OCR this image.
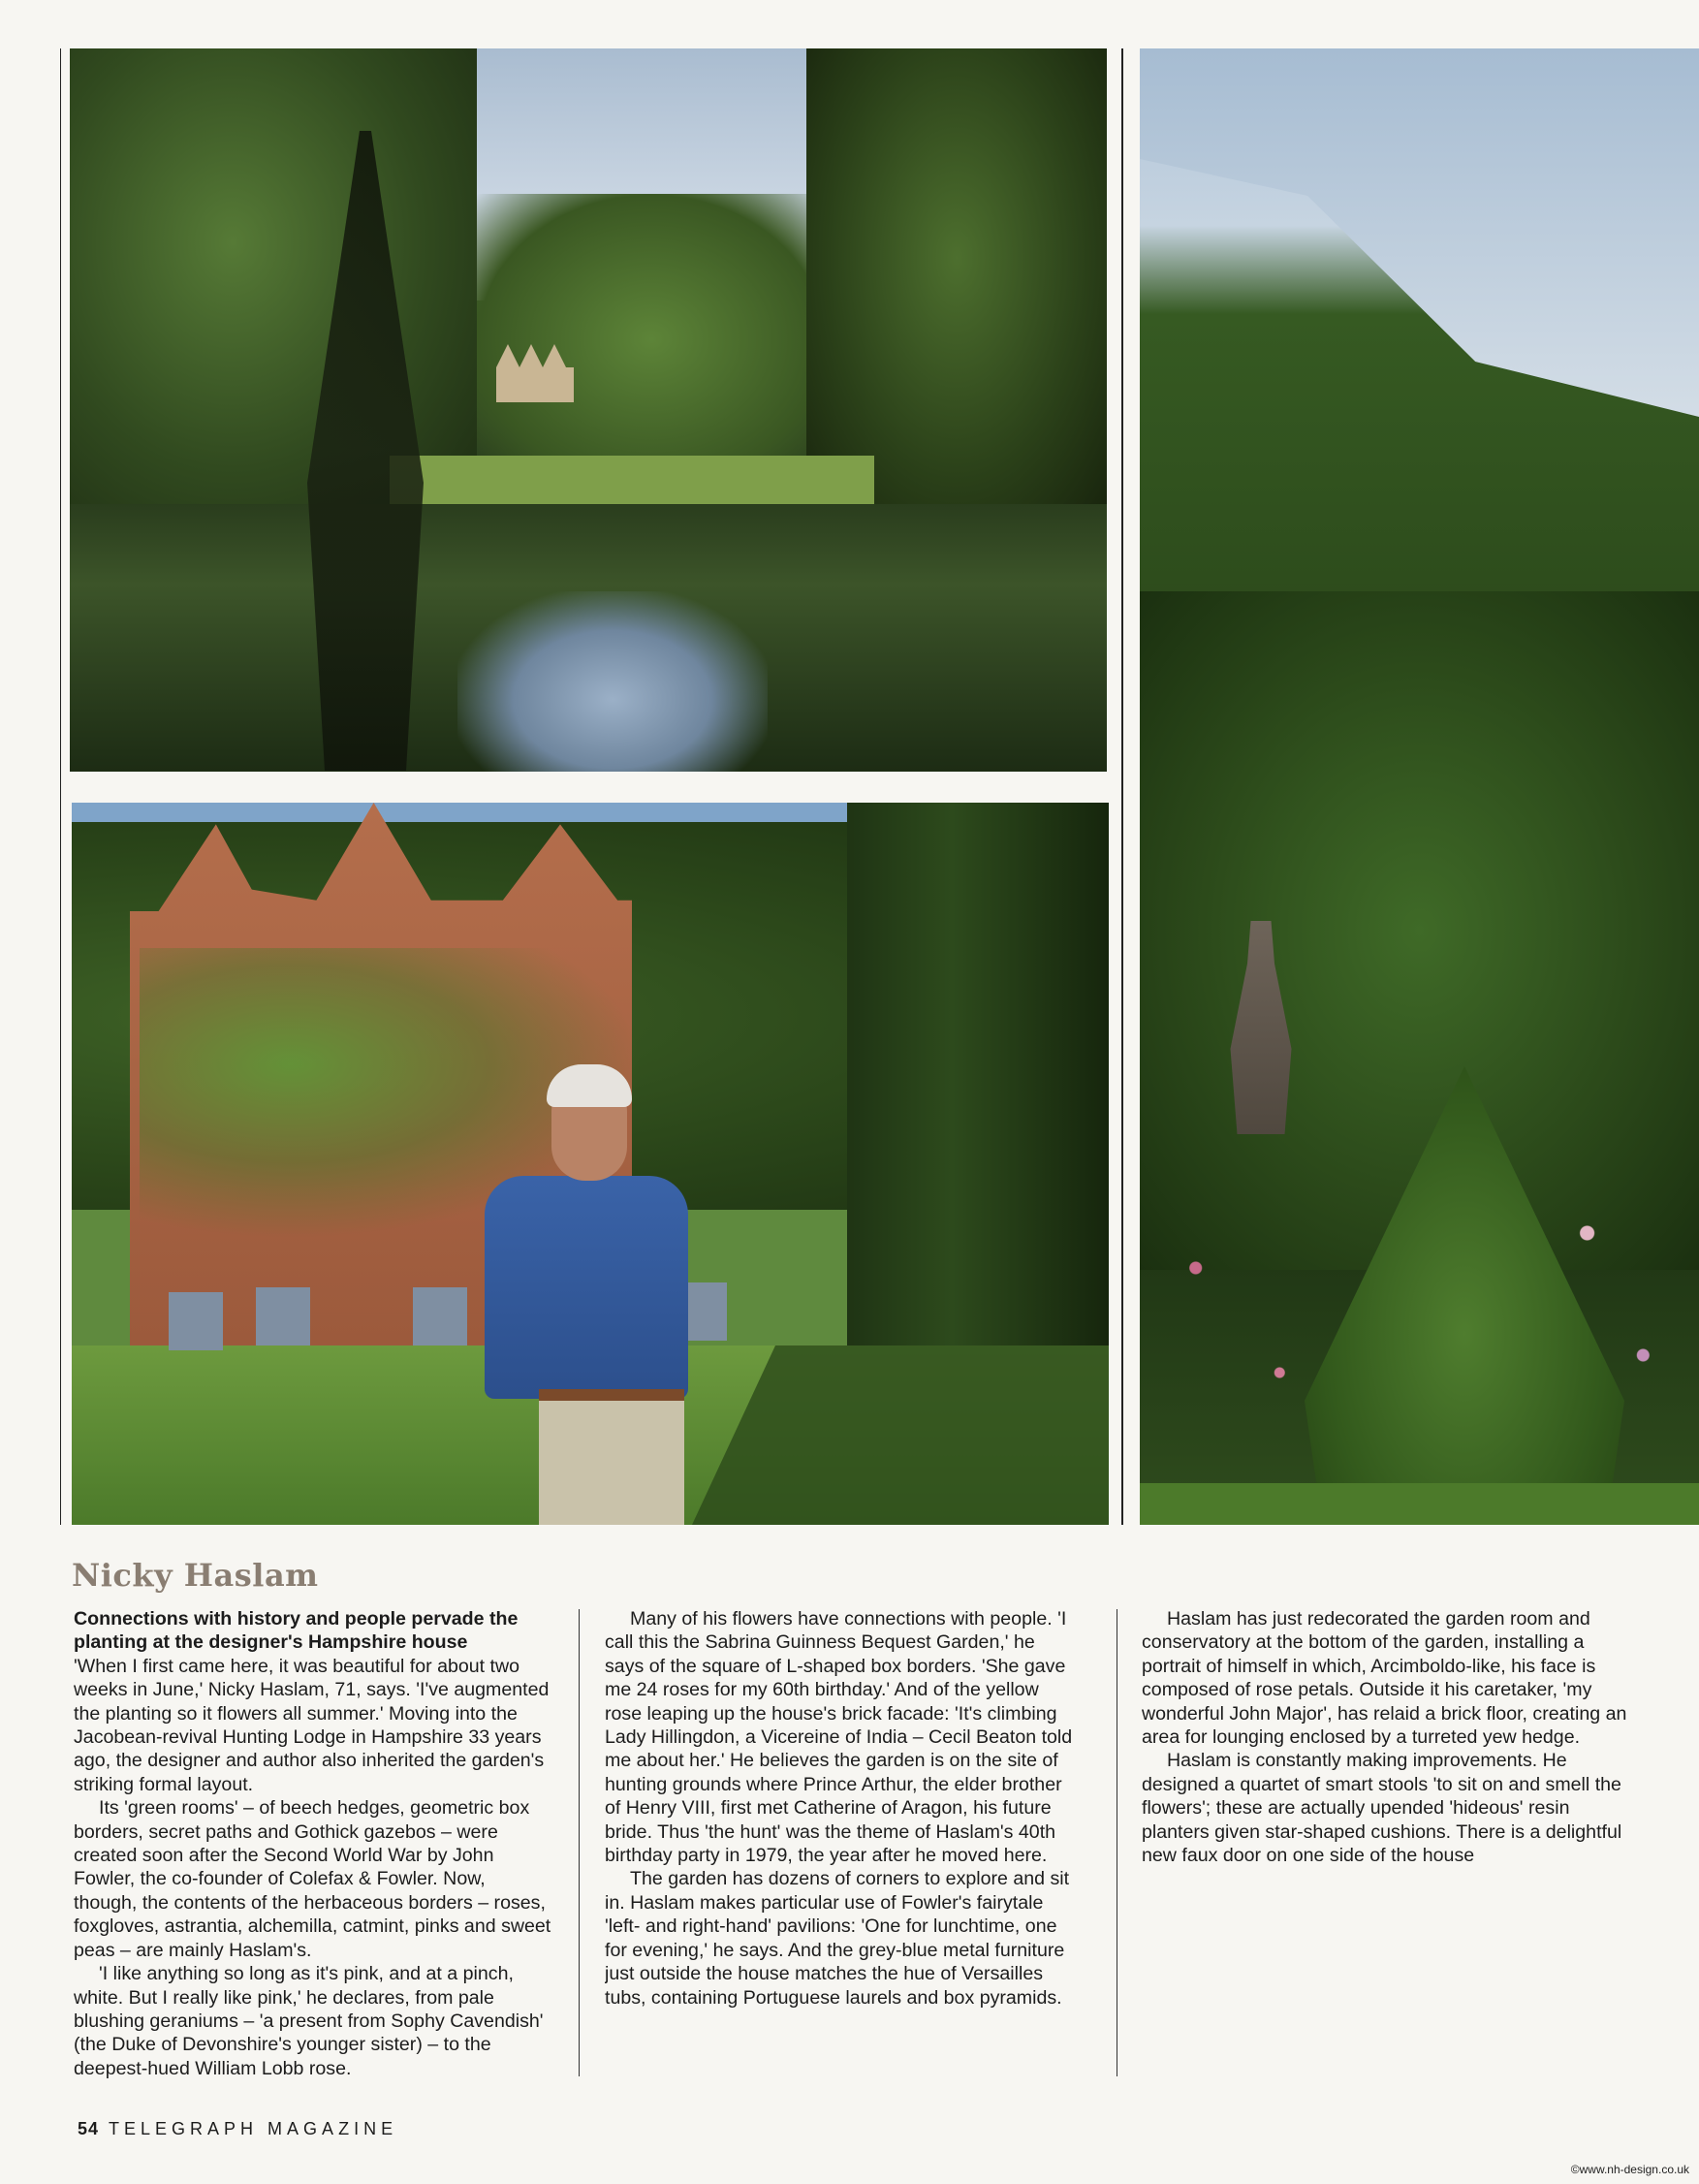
Nicky Haslam

Connections with history and people pervade the planting at the designer's Hampshire house

'When I first came here, it was beautiful for about two weeks in June,' Nicky Haslam, 71, says. 'I've augmented the planting so it flowers all summer.' Moving into the Jacobean-revival Hunting Lodge in Hampshire 33 years ago, the designer and author also inherited the garden's striking formal layout.

Its 'green rooms' – of beech hedges, geometric box borders, secret paths and Gothick gazebos – were created soon after the Second World War by John Fowler, the co-founder of Colefax & Fowler. Now, though, the contents of the herbaceous borders – roses, foxgloves, astrantia, alchemilla, catmint, pinks and sweet peas – are mainly Haslam's.

'I like anything so long as it's pink, and at a pinch, white. But I really like pink,' he declares, from pale blushing geraniums – 'a present from Sophy Cavendish' (the Duke of Devonshire's younger sister) – to the deepest-hued William Lobb rose.

Many of his flowers have connections with people. 'I call this the Sabrina Guinness Bequest Garden,' he says of the square of L-shaped box borders. 'She gave me 24 roses for my 60th birthday.' And of the yellow rose leaping up the house's brick facade: 'It's climbing Lady Hillingdon, a Vicereine of India – Cecil Beaton told me about her.' He believes the garden is on the site of hunting grounds where Prince Arthur, the elder brother of Henry VIII, first met Catherine of Aragon, his future bride. Thus 'the hunt' was the theme of Haslam's 40th birthday party in 1979, the year after he moved here.

The garden has dozens of corners to explore and sit in. Haslam makes particular use of Fowler's fairytale 'left- and right-hand' pavilions: 'One for lunchtime, one for evening,' he says. And the grey-blue metal furniture just outside the house matches the hue of Versailles tubs, containing Portuguese laurels and box pyramids.

Haslam has just redecorated the garden room and conservatory at the bottom of the garden, installing a portrait of himself in which, Arcimboldo-like, his face is composed of rose petals. Outside it his caretaker, 'my wonderful John Major', has relaid a brick floor, creating an area for lounging enclosed by a turreted yew hedge.

Haslam is constantly making improvements. He designed a quartet of smart stools 'to sit on and smell the flowers'; these are actually upended 'hideous' resin planters given star-shaped cushions. There is a delightful new faux door on one side of the house

54 TELEGRAPH MAGAZINE
©www.nh-design.co.uk
